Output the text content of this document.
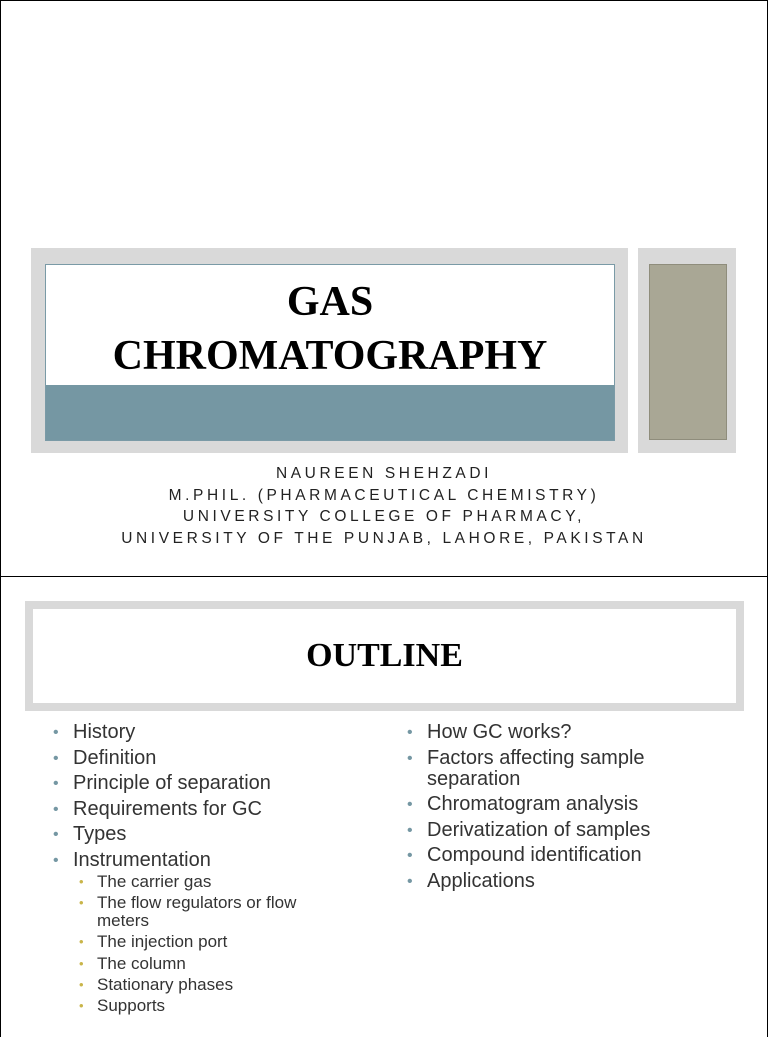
GAS
CHROMATOGRAPHY
NAUREEN SHEHZADI
M.PHIL. (PHARMACEUTICAL CHEMISTRY)
UNIVERSITY COLLEGE OF PHARMACY,
UNIVERSITY OF THE PUNJAB, LAHORE, PAKISTAN
OUTLINE
• History
• Definition
• Principle of separation
• Requirements for GC
• Types
• Instrumentation
• The carrier gas
• The flow regulators or flow meters
• The injection port
• The column
• Stationary phases
• Supports
• How GC works?
• Factors affecting sample separation
• Chromatogram analysis
• Derivatization of samples
• Compound identification
• Applications
